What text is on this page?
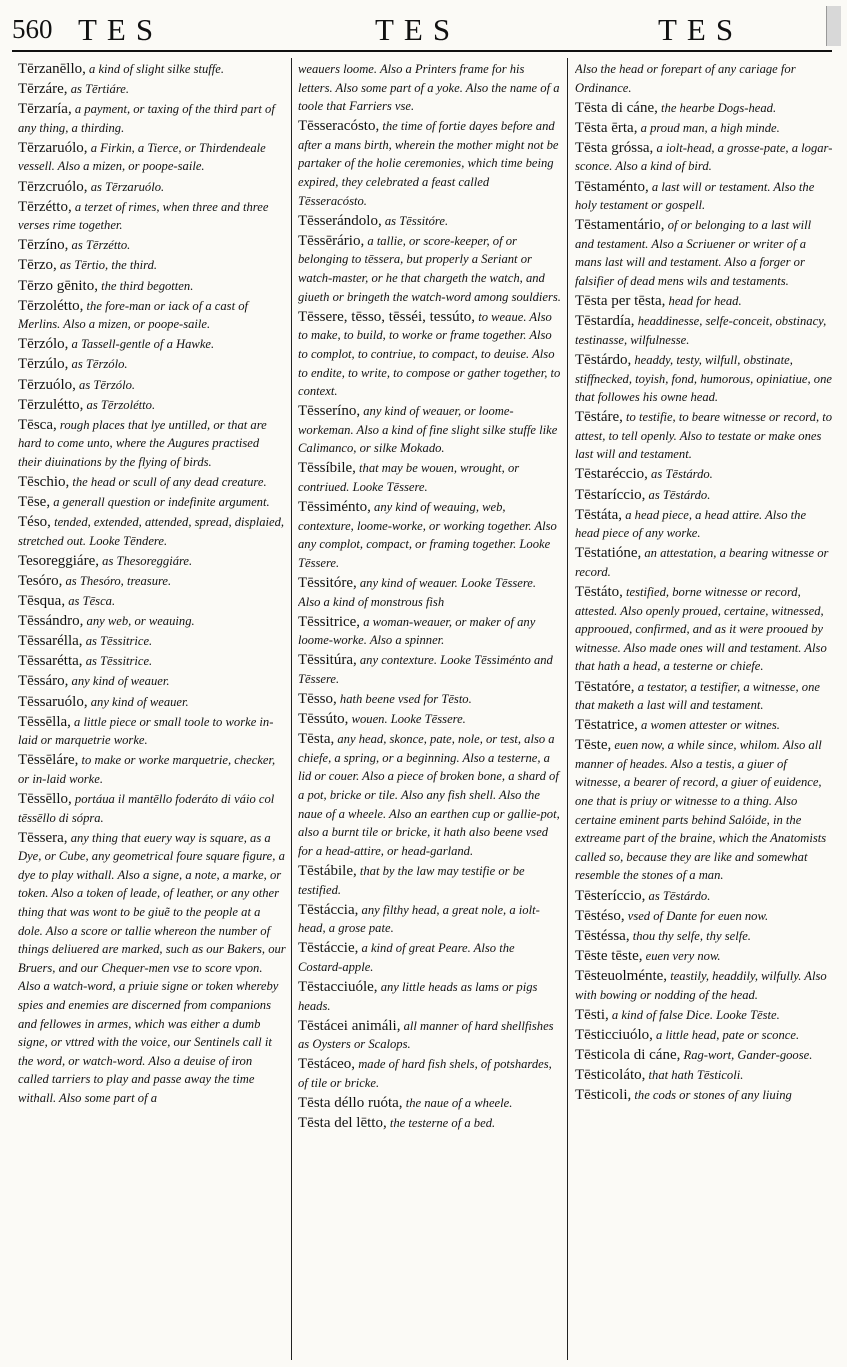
560 TES	TES	TES
Tērzanēllo, a kind of slight silke stuffe.
Tērzáre, as Tērtiáre.
Tērzaría, a payment, or taxing of the third part of any thing, a thirding.
Tērzaruólo, a Firkin, a Tierce, or Thirdendeale vessell. Also a mizen, or poope-saile.
Tērzcruólo, as Tērzaruólo.
Tērzétto, a terzet of rimes, when three and three verses rime together.
Tērzíno, as Tērzétto.
Tērzo, as Tērtio, the third.
Tērzo gēnito, the third begotten.
Tērzolétto, the fore-man or iack of a cast of Merlins. Also a mizen, or poope-saile.
Tērzólo, a Tassell-gentle of a Hawke.
Tērzúlo, as Tērzólo.
Tērzuólo, as Tērzólo.
Tērzulétto, as Tērzolétto.
Tēsca, rough places that lye untilled, or that are hard to come unto, where the Augures practised their diuinations by the flying of birds.
Tēschio, the head or scull of any dead creature.
Tēse, a generall question or indefinite argument.
Téso, tended, extended, attended, spread, displaied, stretched out. Looke Tēndere.
Tesoreggiáre, as Thesoreggiáre.
Tesóro, as Thesóro, treasure.
Tēsqua, as Tēsca.
Tēssándro, any web, or weauing.
Tēssarélla, as Tēssitrice.
Tēssarétta, as Tēssitrice.
Tēssáro, any kind of weauer.
Tēssaruólo, any kind of weauer.
Tēssēlla, a little piece or small toole to worke in-laid or marquetrie worke.
Tēssēláre, to make or worke marquetrie, checker, or in-laid worke.
Tēssēllo, portáua il mantēllo foderáto di váio col tēssēllo di sópra.
Tēssera, any thing that euery way is square, as a Dye, or Cube, any geometrical foure square figure, a dye to play withall. Also a signe, a note, a marke, or token. Also a token of leade, of leather, or any other thing that was wont to be giuẽ to the people at a dole. Also a score or tallie whereon the number of things deliuered are marked, such as our Bakers, our Bruers, and our Chequer-men vse to score vpon. Also a watch-word, a priuie signe or token whereby spies and enemies are discerned from companions and fellowes in armes, which was either a dumb signe, or vttred with the voice, our Sentinels call it the word, or watch-word. Also a deuise of iron called tarriers to play and passe away the time withall. Also some part of a
weauers loome. Also a Printers frame for his letters. Also some part of a yoke. Also the name of a toole that Farriers vse.
Tēsseracósto, the time of fortie dayes before and after a mans birth, wherein the mother might not be partaker of the holie ceremonies, which time being expired, they celebrated a feast called Tēsseracósto.
Tēsserándolo, as Tēssitóre.
Tēssērário, a tallie, or score-keeper, of or belonging to tēssera, but properly a Seriant or watch-master, or he that chargeth the watch, and giueth or bringeth the watch-word among souldiers.
Tēssere, tēsso, tēsséi, tessúto, to weaue. Also to make, to build, to worke or frame together. Also to complot, to contriue, to compact, to deuise. Also to endite, to write, to compose or gather together, to context.
Tēsseríno, any kind of weauer, or loome-workeman. Also a kind of fine slight silke stuffe like Calimanco, or silke Mokado.
Tēssíbile, that may be wouen, wrought, or contriued. Looke Tēssere.
Tēssiménto, any kind of weauing, web, contexture, loome-worke, or working together. Also any complot, compact, or framing together. Looke Tēssere.
Tēssitóre, any kind of weauer. Looke Tēssere. Also a kind of monstrous fish
Tēssitrice, a woman-weauer, or maker of any loome-worke. Also a spinner.
Tēssitúra, any contexture. Looke Tēssiménto and Tēssere.
Tēsso, hath beene vsed for Tēsto.
Tēssúto, wouen. Looke Tēssere.
Tēsta, any head, skonce, pate, nole, or test, also a chiefe, a spring, or a beginning. Also a testerne, a lid or couer. Also a piece of broken bone, a shard of a pot, bricke or tile. Also any fish shell. Also the naue of a wheele. Also an earthen cup or gallie-pot, also a burnt tile or bricke, it hath also beene vsed for a head-attire, or head-garland.
Tēstábile, that by the law may testifie or be testified.
Tēstáccia, any filthy head, a great nole, a iolt-head, a grose pate.
Tēstáccie, a kind of great Peare. Also the Costard-apple.
Tēstacciuóle, any little heads as lams or pigs heads.
Tēstácei animáli, all manner of hard shellfishes as Oysters or Scalops.
Tēstáceo, made of hard fish shels, of potshardes, of tile or bricke.
Tēsta déllo ruóta, the naue of a wheele.
Tēsta del lētto, the testerne of a bed.
Also the head or forepart of any cariage for Ordinance.
Tēsta di cáne, the hearbe Dogs-head.
Tēsta ērta, a proud man, a high minde.
Tēsta gróssa, a iolt-head, a grosse-pate, a logar-sconce. Also a kind of bird.
Tēstaménto, a last will or testament. Also the holy testament or gospell.
Tēstamentário, of or belonging to a last will and testament. Also a Scriuener or writer of a mans last will and testament. Also a forger or falsifier of dead mens wils and testaments.
Tēsta per tēsta, head for head.
Tēstardía, headdinesse, selfe-conceit, obstinacy, testinasse, wilfulnesse.
Tēstárdo, headdy, testy, wilfull, obstinate, stiffnecked, toyish, fond, humorous, opiniatiue, one that followes his owne head.
Tēstáre, to testifie, to beare witnesse or record, to attest, to tell openly. Also to testate or make ones last will and testament.
Tēstaréccio, as Tēstárdo.
Tēstaríccio, as Tēstárdo.
Tēstáta, a head piece, a head attire. Also the head piece of any worke.
Tēstatióne, an attestation, a bearing witnesse or record.
Tēstáto, testified, borne witnesse or record, attested. Also openly proued, certaine, witnessed, approoued, confirmed, and as it were prooued by witnesse. Also made ones will and testament. Also that hath a head, a testerne or chiefe.
Tēstatóre, a testator, a testifier, a witnesse, one that maketh a last will and testament.
Tēstatrice, a women attester or witnes.
Tēste, euen now, a while since, whilom. Also all manner of heades. Also a testis, a giuer of witnesse, a bearer of record, a giuer of euidence, one that is priuy or witnesse to a thing. Also certaine eminent parts behind Salóide, in the extreame part of the braine, which the Anatomists called so, because they are like and somewhat resemble the stones of a man.
Tēsteríccio, as Tēstárdo.
Tēstéso, vsed of Dante for euen now.
Tēstéssa, thou thy selfe, thy selfe.
Tēste tēste, euen very now.
Tēsteuolménte, teastily, headdily, wilfully. Also with bowing or nodding of the head.
Tēsti, a kind of false Dice. Looke Tēste.
Tēsticciuólo, a little head, pate or sconce.
Tēsticola di cáne, Rag-wort, Gander-goose.
Tēsticoláto, that hath Tēsticoli.
Tēsticoli, the cods or stones of any liuing
